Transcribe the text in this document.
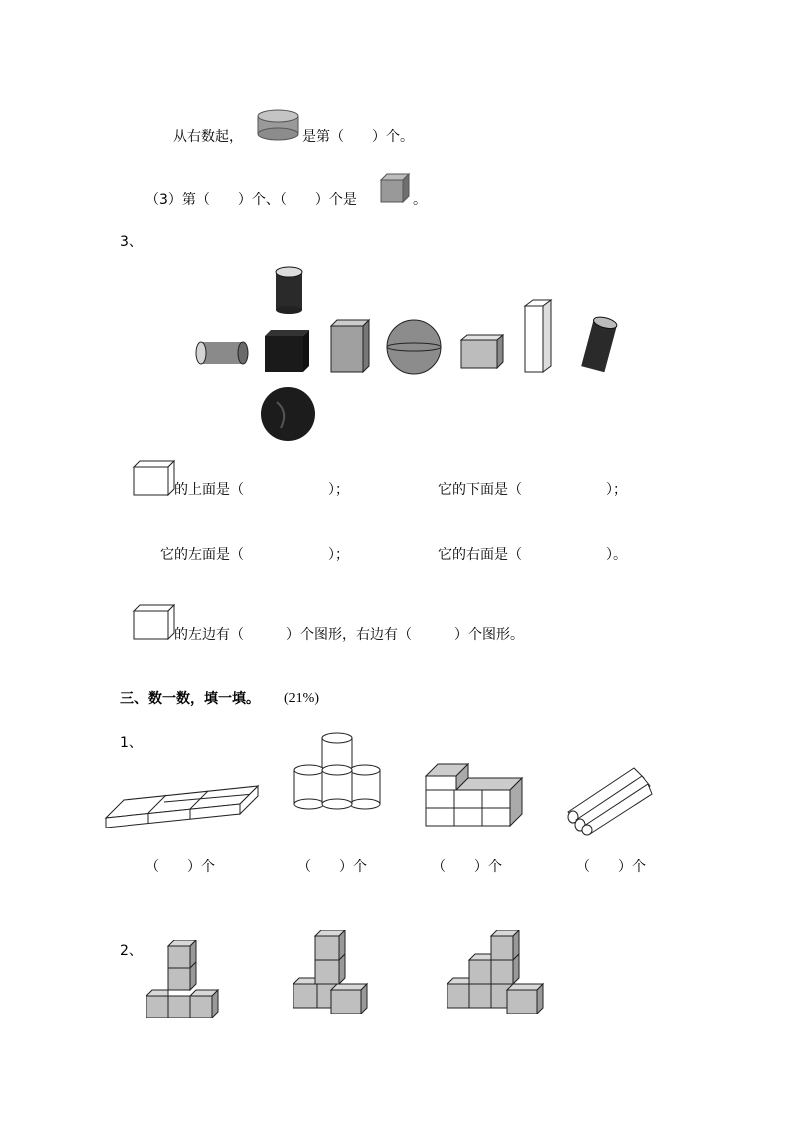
从右数起，	是第（　　）个。
（3）第（　　）个、（　　）个是	。
3、
的上面是（　　　　　　）；	它的下面是（　　　　　　）；
它的左面是（　　　　　　）；	它的右面是（　　　　　　）。
的左边有（　　　）个图形，右边有（　　　）个图形。
三、数一数，填一填。 (21%)
1、
（　　）个	（　　）个	（　　）个	（　　）个
2、
